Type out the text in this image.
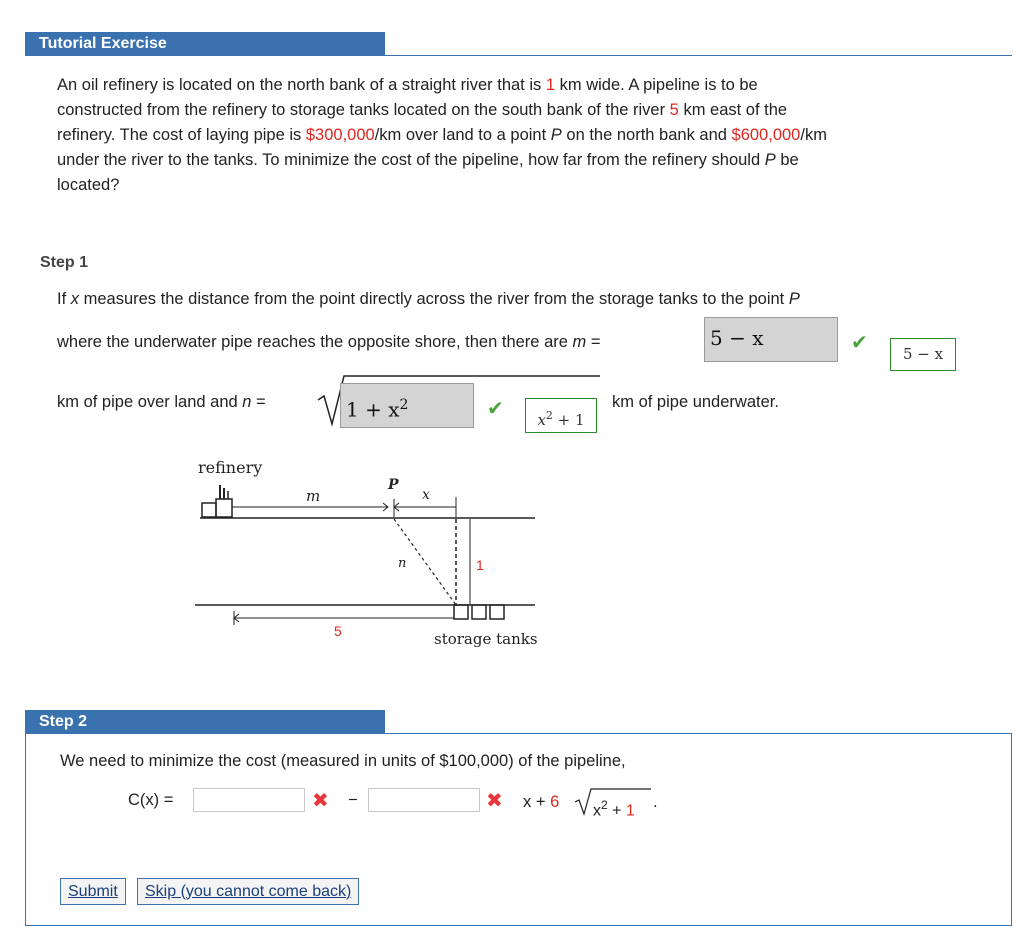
Tutorial Exercise
An oil refinery is located on the north bank of a straight river that is 1 km wide. A pipeline is to be
constructed from the refinery to storage tanks located on the south bank of the river 5 km east of the
refinery. The cost of laying pipe is $300,000/km over land to a point P on the north bank and $600,000/km
under the river to the tanks. To minimize the cost of the pipeline, how far from the refinery should P be
located?
Step 1
If x measures the distance from the point directly across the river from the storage tanks to the point P
where the underwater pipe reaches the opposite shore, then there are m =	5 − x	✔	5 − x
km of pipe over land and n =	$1 + x^2$	✔	$x^2 + 1$
km of pipe underwater.
refinery
m
P
x
1
n
5	storage tanks
Step 2
We need to minimize the cost (measured in units of $100,000) of the pipeline,
C(x) =	✖ −	✖ x + 6 $x^2 + 1$ .
Submit	Skip (you cannot come back)
